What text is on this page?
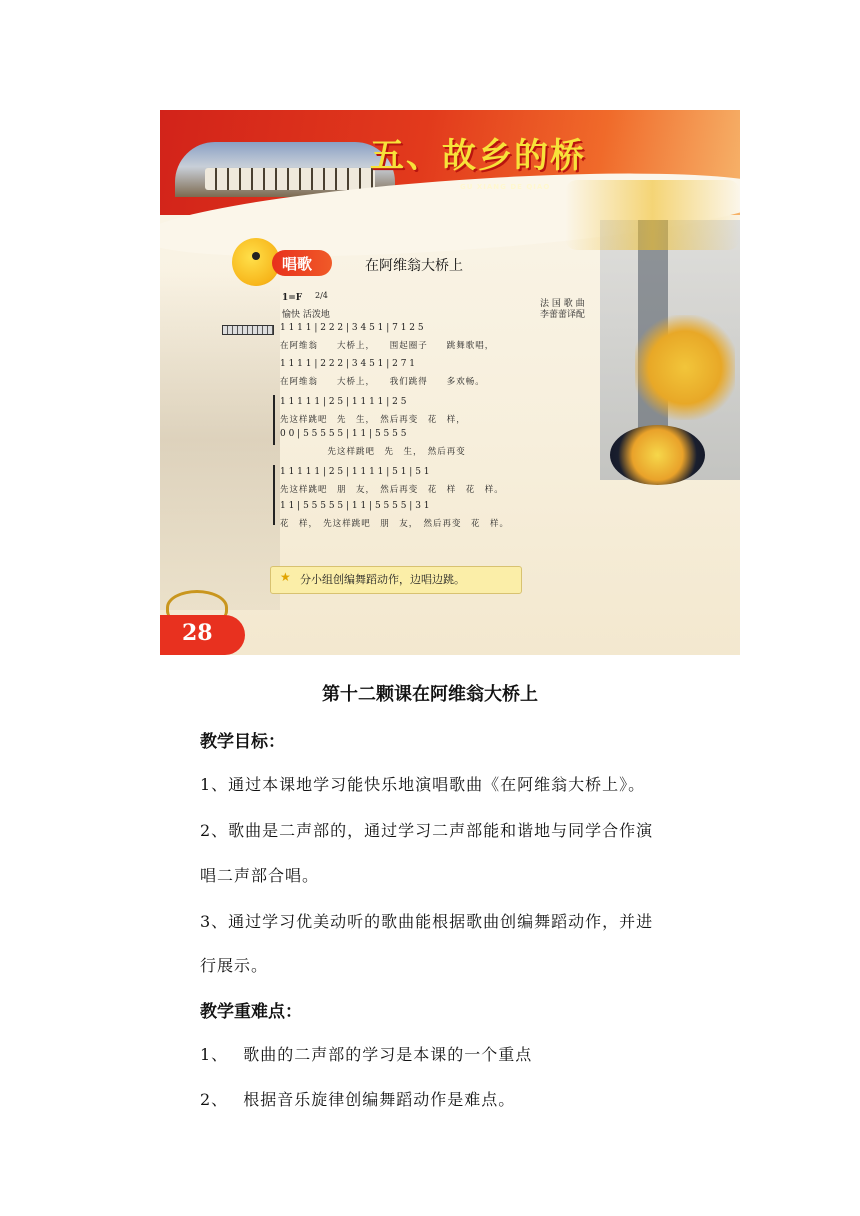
五、故乡的桥
GU XIANG DE QIAO
唱歌	在阿维翁大桥上
1=F 2/4
愉快 活泼地
法 国 歌 曲
李蕾蕾译配
1 1 1 1 | 2 2 2 | 3 4 5 1 | 7 1 2 5
在阿维翁　　大桥上，　　围起圈子　　跳舞歌唱，
1 1 1 1 | 2 2 2 | 3 4 5 1 | 2 7 1
在阿维翁　　大桥上，　　我们跳得　　多欢畅。
1 1 1 1 1 | 2 5 | 1 1 1 1 | 2 5
先这样跳吧　先　生，　然后再变　花　样，
0 0 | 5 5 5 5 5 | 1 1 | 5 5 5 5
　　　　　先这样跳吧　先　生，　然后再变
1 1 1 1 1 | 2 5 | 1 1 1 1 | 5 1 | 5 1
先这样跳吧　朋　友，　然后再变　花　样　花　样。
1 1 | 5 5 5 5 5 | 1 1 | 5 5 5 5 | 3 1
花　样，　先这样跳吧　朋　友，　然后再变　花　样。
★ 分小组创编舞蹈动作，边唱边跳。
28
第十二颗课在阿维翁大桥上
教学目标：
1、通过本课地学习能快乐地演唱歌曲《在阿维翁大桥上》。
2、歌曲是二声部的，通过学习二声部能和谐地与同学合作演
唱二声部合唱。
3、通过学习优美动听的歌曲能根据歌曲创编舞蹈动作，并进
行展示。
教学重难点：
1、　 歌曲的二声部的学习是本课的一个重点
2、　 根据音乐旋律创编舞蹈动作是难点。
